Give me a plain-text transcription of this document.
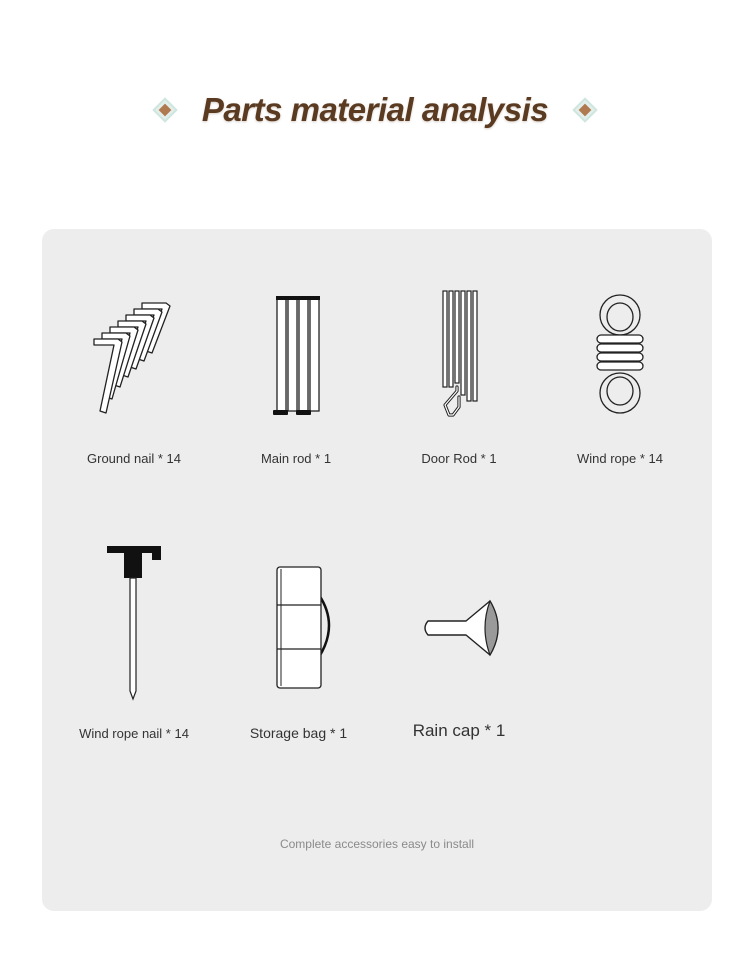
Parts material analysis
Ground nail * 14	Main rod * 1	Door Rod * 1	Wind rope * 14
Wind rope nail * 14	Storage bag * 1	Rain cap * 1
Complete accessories easy to install
